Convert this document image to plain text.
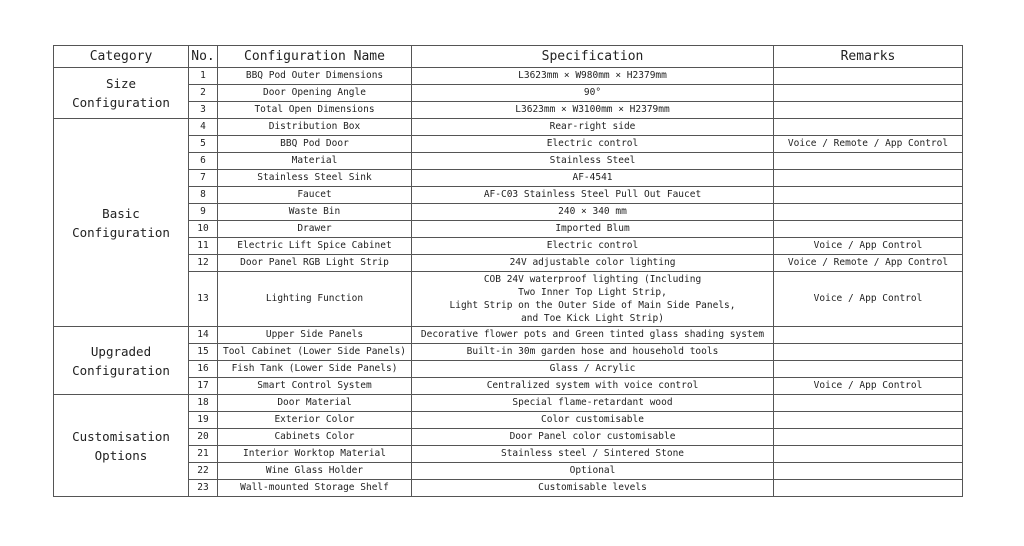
Category	No.	Configuration Name	Specification	Remarks

Size
Configuration	1	BBQ Pod Outer Dimensions	L3623mm × W980mm × H2379mm	

	2	Door Opening Angle	90°	

	3	Total Open Dimensions	L3623mm × W3100mm × H2379mm	

Basic
Configuration	4	Distribution Box	Rear-right side	

	5	BBQ Pod Door	Electric control	Voice / Remote / App Control
	6	Material	Stainless Steel	

	7	Stainless Steel Sink	AF-4541	

	8	Faucet	AF-C03 Stainless Steel Pull Out Faucet	

	9	Waste Bin	240 × 340 mm	

	10	Drawer	Imported Blum	

	11	Electric Lift Spice Cabinet	Electric control	Voice / App Control
	12	Door Panel RGB Light Strip	24V adjustable color lighting	Voice / Remote / App Control
	13	Lighting Function	COB 24V waterproof lighting (Including
Two Inner Top Light Strip,
Light Strip on the Outer Side of Main Side Panels,
and Toe Kick Light Strip)	Voice / App Control

Upgraded
Configuration	14	Upper Side Panels	Decorative flower pots and Green tinted glass shading system	

	15	Tool Cabinet (Lower Side Panels)	Built-in 30m garden hose and household tools	

	16	Fish Tank (Lower Side Panels)	Glass / Acrylic	

	17	Smart Control System	Centralized system with voice control	Voice / App Control

Customisation
Options	18	Door Material	Special flame-retardant wood	

	19	Exterior Color	Color customisable	

	20	Cabinets Color	Door Panel color customisable	

	21	Interior Worktop Material	Stainless steel / Sintered Stone	

	22	Wine Glass Holder	Optional	

	23	Wall-mounted Storage Shelf	Customisable levels	
